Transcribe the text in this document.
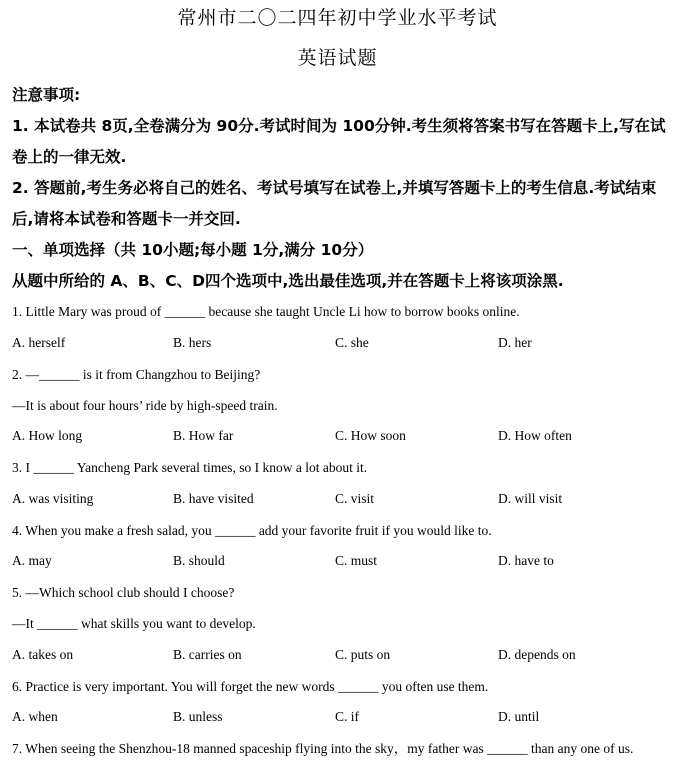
常州市二〇二四年初中学业水平考试
英语试题
注意事项:
1. 本试卷共 8页,全卷满分为 90分.考试时间为 100分钟.考生须将答案书写在答题卡上,写在试
卷上的一律无效.
2. 答题前,考生务必将自己的姓名、考试号填写在试卷上,并填写答题卡上的考生信息.考试结束
后,请将本试卷和答题卡一并交回.
一、单项选择（共 10小题;每小题 1分,满分 10分）
从题中所给的 A、B、C、D四个选项中,选出最佳选项,并在答题卡上将该项涂黑.
1. Little Mary was proud of ______ because she taught Uncle Li how to borrow books online.
A. herself	B. hers	C. she	D. her
2. —______ is it from Changzhou to Beijing?
—It is about four hours’ ride by high-speed train.
A. How long	B. How far	C. How soon	D. How often
3. I ______ Yancheng Park several times, so I know a lot about it.
A. was visiting	B. have visited	C. visit	D. will visit
4. When you make a fresh salad, you ______ add your favorite fruit if you would like to.
A. may	B. should	C. must	D. have to
5. —Which school club should I choose?
—It ______ what skills you want to develop.
A. takes on	B. carries on	C. puts on	D. depends on
6. Practice is very important. You will forget the new words ______ you often use them.
A. when	B. unless	C. if	D. until
7. When seeing the Shenzhou-18 manned spaceship flying into the sky，my father was ______ than any one of us.
